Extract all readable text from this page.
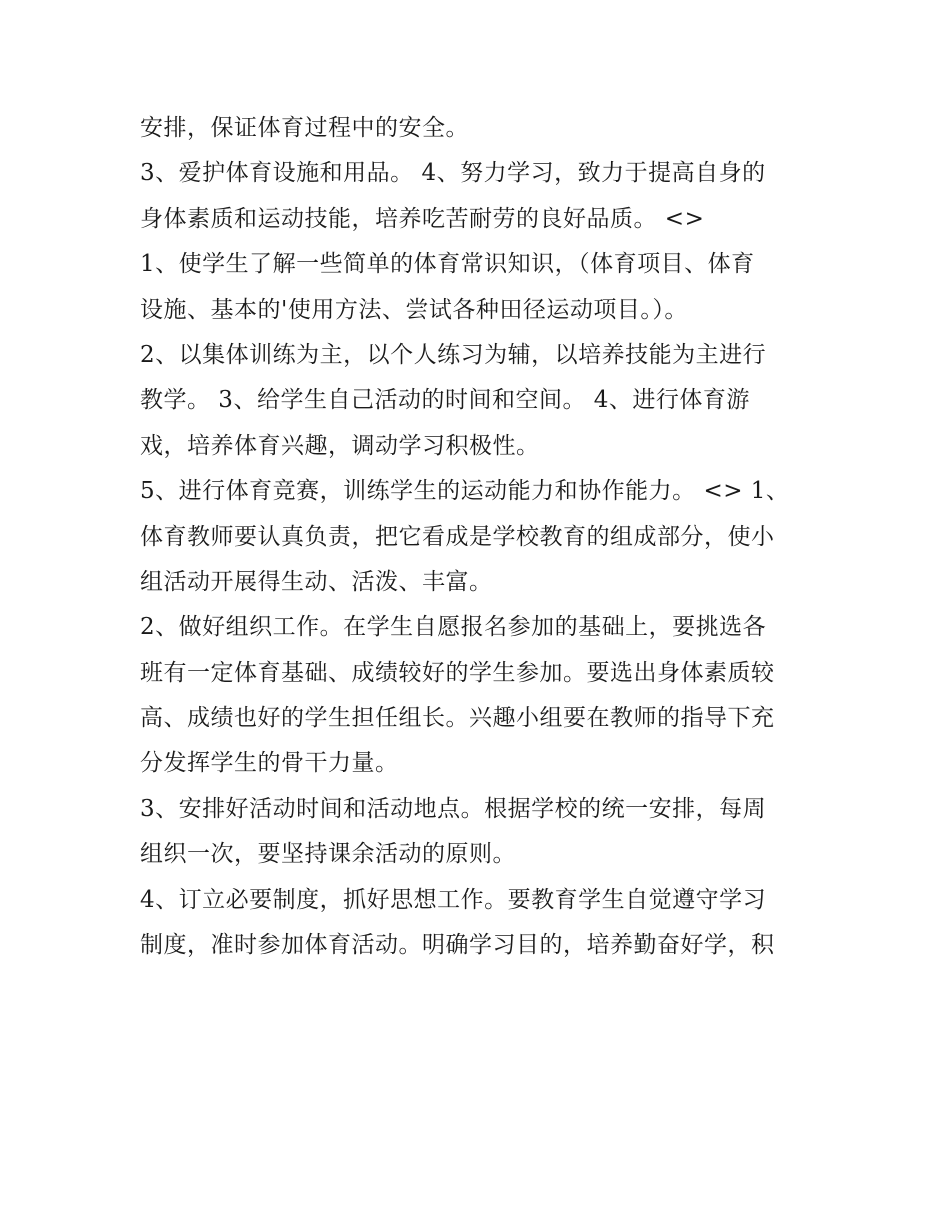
安排，保证体育过程中的安全。
3、爱护体育设施和用品。 4、努力学习，致力于提高自身的
身体素质和运动技能，培养吃苦耐劳的良好品质。 <>
1、使学生了解一些简单的体育常识知识，（体育项目、体育
设施、基本的'使用方法、尝试各种田径运动项目。）。
2、以集体训练为主，以个人练习为辅，以培养技能为主进行
教学。 3、给学生自己活动的时间和空间。 4、进行体育游
戏，培养体育兴趣，调动学习积极性。
5、进行体育竞赛，训练学生的运动能力和协作能力。 <> 1、
体育教师要认真负责，把它看成是学校教育的组成部分，使小
组活动开展得生动、活泼、丰富。
2、做好组织工作。在学生自愿报名参加的基础上，要挑选各
班有一定体育基础、成绩较好的学生参加。要选出身体素质较
高、成绩也好的学生担任组长。兴趣小组要在教师的指导下充
分发挥学生的骨干力量。
3、安排好活动时间和活动地点。根据学校的统一安排，每周
组织一次，要坚持课余活动的原则。
4、订立必要制度，抓好思想工作。要教育学生自觉遵守学习
制度，准时参加体育活动。明确学习目的，培养勤奋好学，积
